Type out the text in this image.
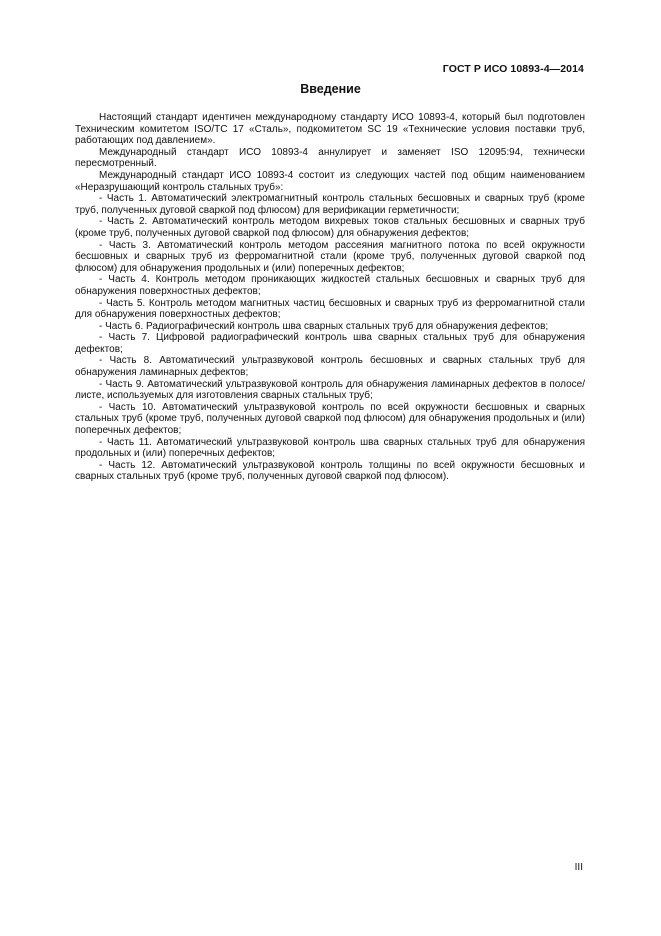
ГОСТ Р ИСО 10893-4—2014
Введение

Настоящий стандарт идентичен международному стандарту ИСО 10893-4, который был подготовлен Техническим комитетом ISO/TC 17 «Сталь», подкомитетом SC 19 «Технические условия поставки труб, работающих под давлением».

Международный стандарт ИСО 10893-4 аннулирует и заменяет ISO 12095:94, технически пересмотренный.

Международный стандарт ИСО 10893-4 состоит из следующих частей под общим наименованием «Неразрушающий контроль стальных труб»:

- Часть 1. Автоматический электромагнитный контроль стальных бесшовных и сварных труб (кроме труб, полученных дуговой сваркой под флюсом) для верификации герметичности;
- Часть 2. Автоматический контроль методом вихревых токов стальных бесшовных и сварных труб (кроме труб, полученных дуговой сваркой под флюсом) для обнаружения дефектов;
- Часть 3. Автоматический контроль методом рассеяния магнитного потока по всей окружности бесшовных и сварных труб из ферромагнитной стали (кроме труб, полученных дуговой сваркой под флюсом) для обнаружения продольных и (или) поперечных дефектов;
- Часть 4. Контроль методом проникающих жидкостей стальных бесшовных и сварных труб для обнаружения поверхностных дефектов;
- Часть 5. Контроль методом магнитных частиц бесшовных и сварных труб из ферромагнитной стали для обнаружения поверхностных дефектов;
- Часть 6. Радиографический контроль шва сварных стальных труб для обнаружения дефектов;
- Часть 7. Цифровой радиографический контроль шва сварных стальных труб для обнаружения дефектов;
- Часть 8. Автоматический ультразвуковой контроль бесшовных и сварных стальных труб для обнаружения ламинарных дефектов;
- Часть 9. Автоматический ультразвуковой контроль для обнаружения ламинарных дефектов в полосе/листе, используемых для изготовления сварных стальных труб;
- Часть 10. Автоматический ультразвуковой контроль по всей окружности бесшовных и сварных стальных труб (кроме труб, полученных дуговой сваркой под флюсом) для обнаружения продольных и (или) поперечных дефектов;
- Часть 11. Автоматический ультразвуковой контроль шва сварных стальных труб для обнаружения продольных и (или) поперечных дефектов;
- Часть 12. Автоматический ультразвуковой контроль толщины по всей окружности бесшовных и сварных стальных труб (кроме труб, полученных дуговой сваркой под флюсом).
III
